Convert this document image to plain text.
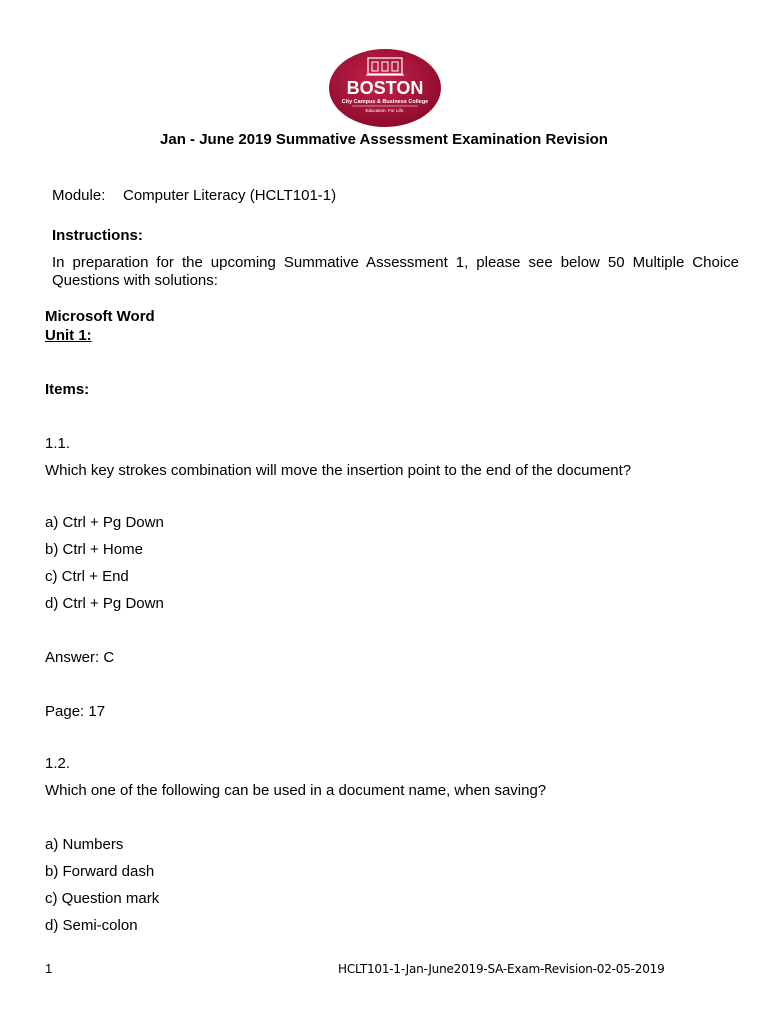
BOSTON
City Campus & Business College
Education. For Life.
Jan - June 2019 Summative Assessment Examination Revision
Module: Computer Literacy (HCLT101-1)
Instructions:
In preparation for the upcoming Summative Assessment 1, please see below 50 Multiple Choice Questions with solutions:
Microsoft Word
Unit 1:
Items:
1.1.
Which key strokes combination will move the insertion point to the end of the document?
a) Ctrl + Pg Down
b) Ctrl + Home
c) Ctrl + End
d) Ctrl + Pg Down
Answer: C
Page: 17
1.2.
Which one of the following can be used in a document name, when saving?
a) Numbers
b) Forward dash
c) Question mark
d) Semi-colon
1	HCLT101-1-Jan-June2019-SA-Exam-Revision-02-05-2019
